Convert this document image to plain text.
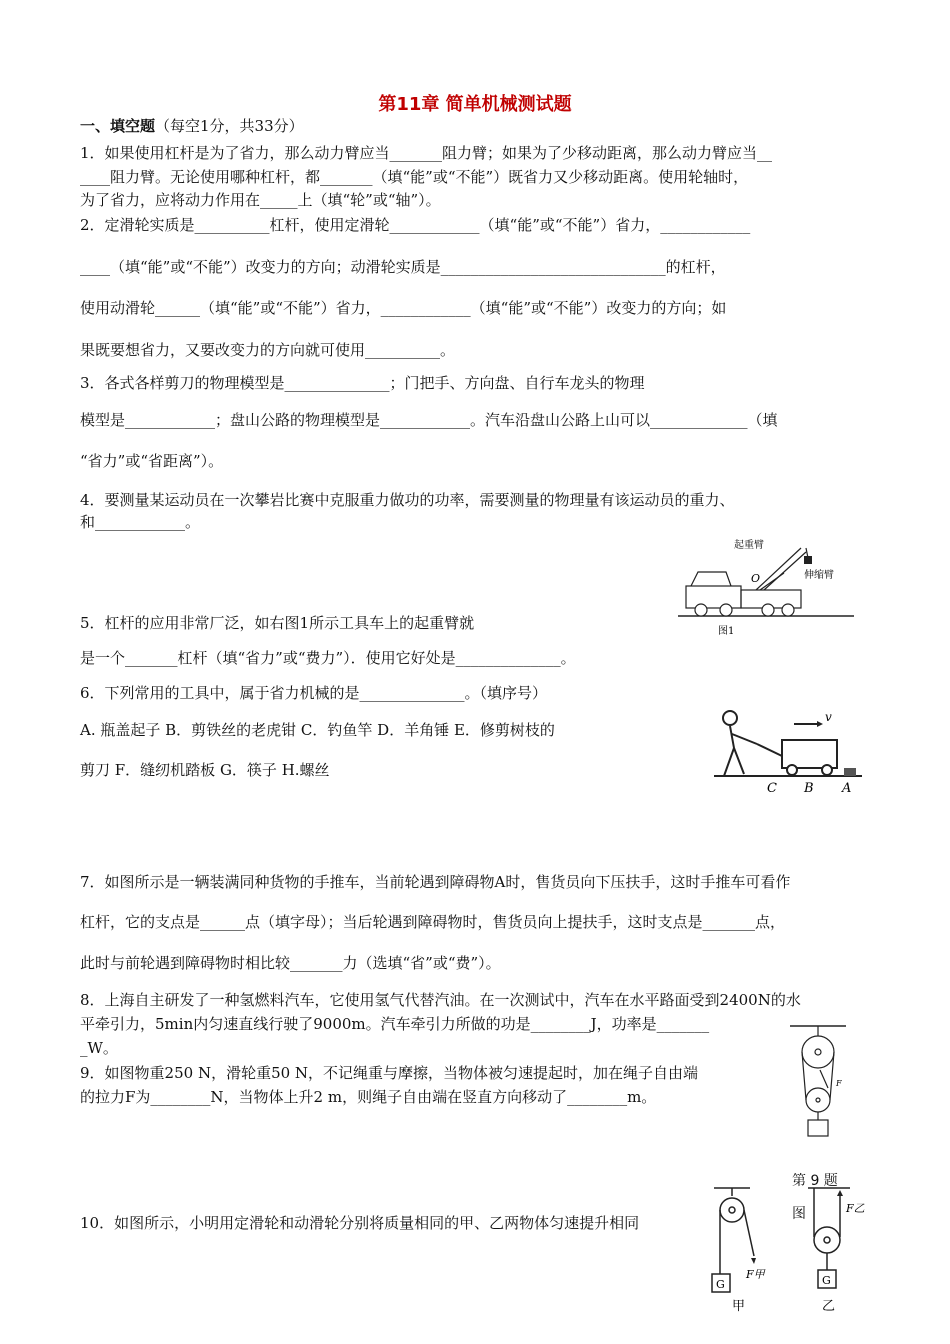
第11章 简单机械测试题
一、填空题（每空1分，共33分）
1．如果使用杠杆是为了省力，那么动力臂应当_______阻力臂；如果为了少移动距离，那么动力臂应当__
____阻力臂。无论使用哪种杠杆，都_______（填“能”或“不能”）既省力又少移动距离。使用轮轴时，
为了省力，应将动力作用在_____上（填“轮”或“轴”）。
2．定滑轮实质是__________杠杆，使用定滑轮____________（填“能”或“不能”）省力，____________
____（填“能”或“不能”）改变力的方向；动滑轮实质是______________________________的杠杆，
使用动滑轮______（填“能”或“不能”）省力，____________（填“能”或“不能”）改变力的方向；如
果既要想省力，又要改变力的方向就可使用__________。
3．各式各样剪刀的物理模型是______________；门把手、方向盘、自行车龙头的物理
模型是____________；盘山公路的物理模型是____________。汽车沿盘山公路上山可以_____________（填
“省力”或“省距离”）。
4．要测量某运动员在一次攀岩比赛中克服重力做功的功率，需要测量的物理量有该运动员的重力、
和____________。
O
起重臂
伸缩臂
图1
5．杠杆的应用非常厂泛，如右图1所示工具车上的起重臂就
是一个_______杠杆（填“省力”或“费力”）．使用它好处是______________。
6．下列常用的工具中，属于省力机械的是______________。（填序号）
A. 瓶盖起子 B．剪铁丝的老虎钳 C．钓鱼竿 D．羊角锤 E．修剪树枝的
剪刀 F．缝纫机踏板 G．筷子 H.螺丝
v
C B A
7．如图所示是一辆装满同种货物的手推车，当前轮遇到障碍物A时，售货员向下压扶手，这时手推车可看作
杠杆，它的支点是______点（填字母）；当后轮遇到障碍物时，售货员向上提扶手，这时支点是_______点，
此时与前轮遇到障碍物时相比较_______力（选填“省”或“费”）。
8．上海自主研发了一种氢燃料汽车，它使用氢气代替汽油。在一次测试中，汽车在水平路面受到2400N的水
平牵引力，5min内匀速直线行驶了9000m。汽车牵引力所做的功是________J，功率是_______
_W。
9．如图物重250 N，滑轮重50 N，不记绳重与摩擦，当物体被匀速提起时，加在绳子自由端
的拉力F为________N，当物体上升2 m，则绳子自由端在竖直方向移动了________m。
F
第 9 题
图
10．如图所示，小明用定滑轮和动滑轮分别将质量相同的甲、乙两物体匀速提升相同
G	G
F甲
F乙
甲	乙
